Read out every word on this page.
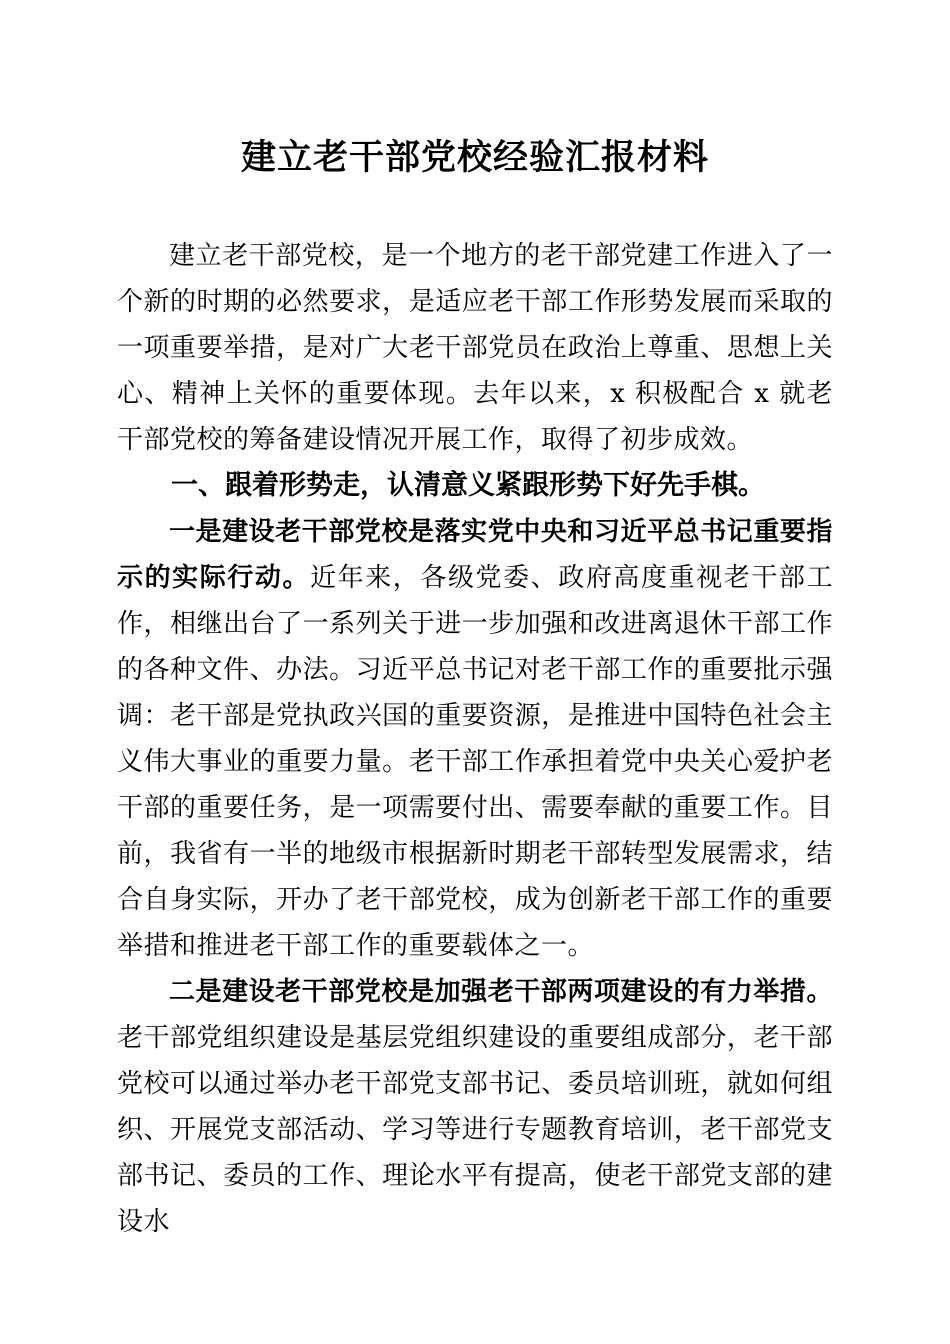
建立老干部党校经验汇报材料

建立老干部党校，是一个地方的老干部党建工作进入了一个新的时期的必然要求，是适应老干部工作形势发展而采取的一项重要举措，是对广大老干部党员在政治上尊重、思想上关心、精神上关怀的重要体现。去年以来，x 积极配合 x 就老干部党校的筹备建设情况开展工作，取得了初步成效。

一、跟着形势走，认清意义紧跟形势下好先手棋。

一是建设老干部党校是落实党中央和习近平总书记重要指示的实际行动。近年来，各级党委、政府高度重视老干部工作，相继出台了一系列关于进一步加强和改进离退休干部工作的各种文件、办法。习近平总书记对老干部工作的重要批示强调：老干部是党执政兴国的重要资源，是推进中国特色社会主义伟大事业的重要力量。老干部工作承担着党中央关心爱护老干部的重要任务，是一项需要付出、需要奉献的重要工作。目前，我省有一半的地级市根据新时期老干部转型发展需求，结合自身实际，开办了老干部党校，成为创新老干部工作的重要举措和推进老干部工作的重要载体之一。

二是建设老干部党校是加强老干部两项建设的有力举措。老干部党组织建设是基层党组织建设的重要组成部分，老干部党校可以通过举办老干部党支部书记、委员培训班，就如何组织、开展党支部活动、学习等进行专题教育培训，老干部党支部书记、委员的工作、理论水平有提高，使老干部党支部的建设水
